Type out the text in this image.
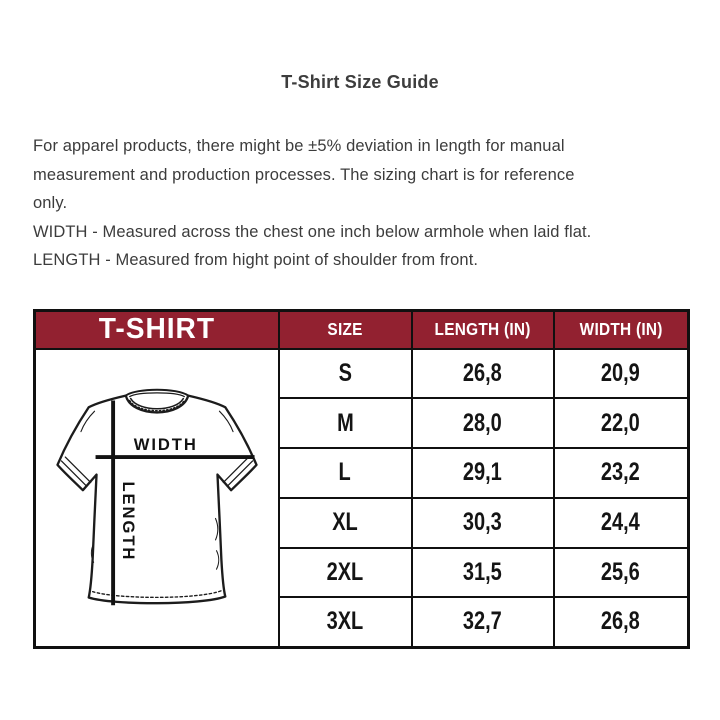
T-Shirt Size Guide
For apparel products, there might be ±5% deviation in length for manual
measurement and production processes. The sizing chart is for reference
only.
WIDTH - Measured across the chest one inch below armhole when laid flat.
LENGTH - Measured from hight point of shoulder from front.
T-SHIRT	SIZE	LENGTH (IN)	WIDTH (IN)

WIDTH
LENGTH	S	26,8	20,9
	M	28,0	22,0
	L	29,1	23,2
	XL	30,3	24,4
	2XL	31,5	25,6
	3XL	32,7	26,8
